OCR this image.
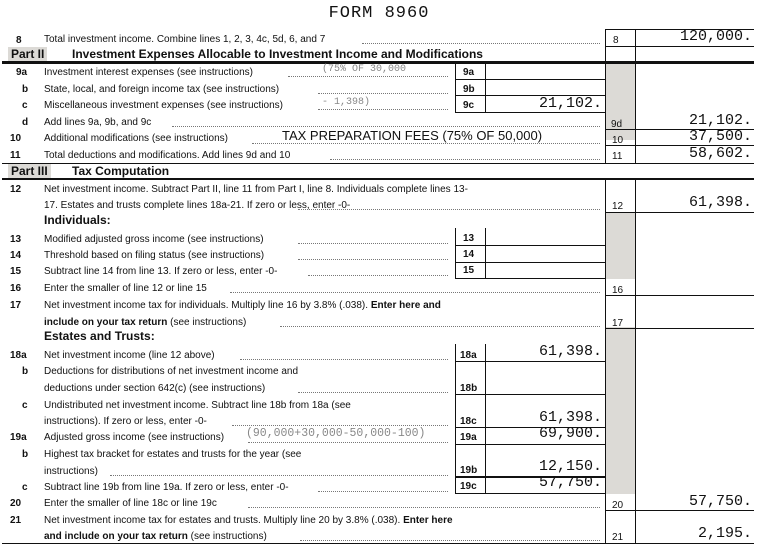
FORM 8960
8 Total investment income. Combine lines 1, 2, 3, 4c, 5d, 6, and 7	8	120,000.
Part II Investment Expenses Allocable to Investment Income and Modifications
9a Investment interest expenses (see instructions)	(75% OF 30,000	9a
b State, local, and foreign income tax (see instructions)	9b
c Miscellaneous investment expenses (see instructions)	- 1,398)	9c	21,102.
d Add lines 9a, 9b, and 9c	9d	21,102.
10 Additional modifications (see instructions)	TAX PREPARATION FEES (75% OF 50,000)	10	37,500.
11 Total deductions and modifications. Add lines 9d and 10	11	58,602.
Part III Tax Computation
12 Net investment income. Subtract Part II, line 11 from Part I, line 8. Individuals complete lines 13-
17. Estates and trusts complete lines 18a-21. If zero or less, enter -0-	12	61,398.
Individuals:
13 Modified adjusted gross income (see instructions)	13
14 Threshold based on filing status (see instructions)	14
15 Subtract line 14 from line 13. If zero or less, enter -0-	15
16 Enter the smaller of line 12 or line 15	16
17 Net investment income tax for individuals. Multiply line 16 by 3.8% (.038). Enter here and
include on your tax return (see instructions)	17
Estates and Trusts:
18a Net investment income (line 12 above)	18a	61,398.
b Deductions for distributions of net investment income and
deductions under section 642(c) (see instructions)	18b
c Undistributed net investment income. Subtract line 18b from 18a (see
instructions). If zero or less, enter -0-	18c	61,398.
19a Adjusted gross income (see instructions) (90,000+30,000-50,000-100)	19a	69,900.
b Highest tax bracket for estates and trusts for the year (see
instructions)	19b	12,150.
c Subtract line 19b from line 19a. If zero or less, enter -0-	19c	57,750.
20 Enter the smaller of line 18c or line 19c	20	57,750.
21 Net investment income tax for estates and trusts. Multiply line 20 by 3.8% (.038). Enter here
and include on your tax return (see instructions)	21	2,195.
